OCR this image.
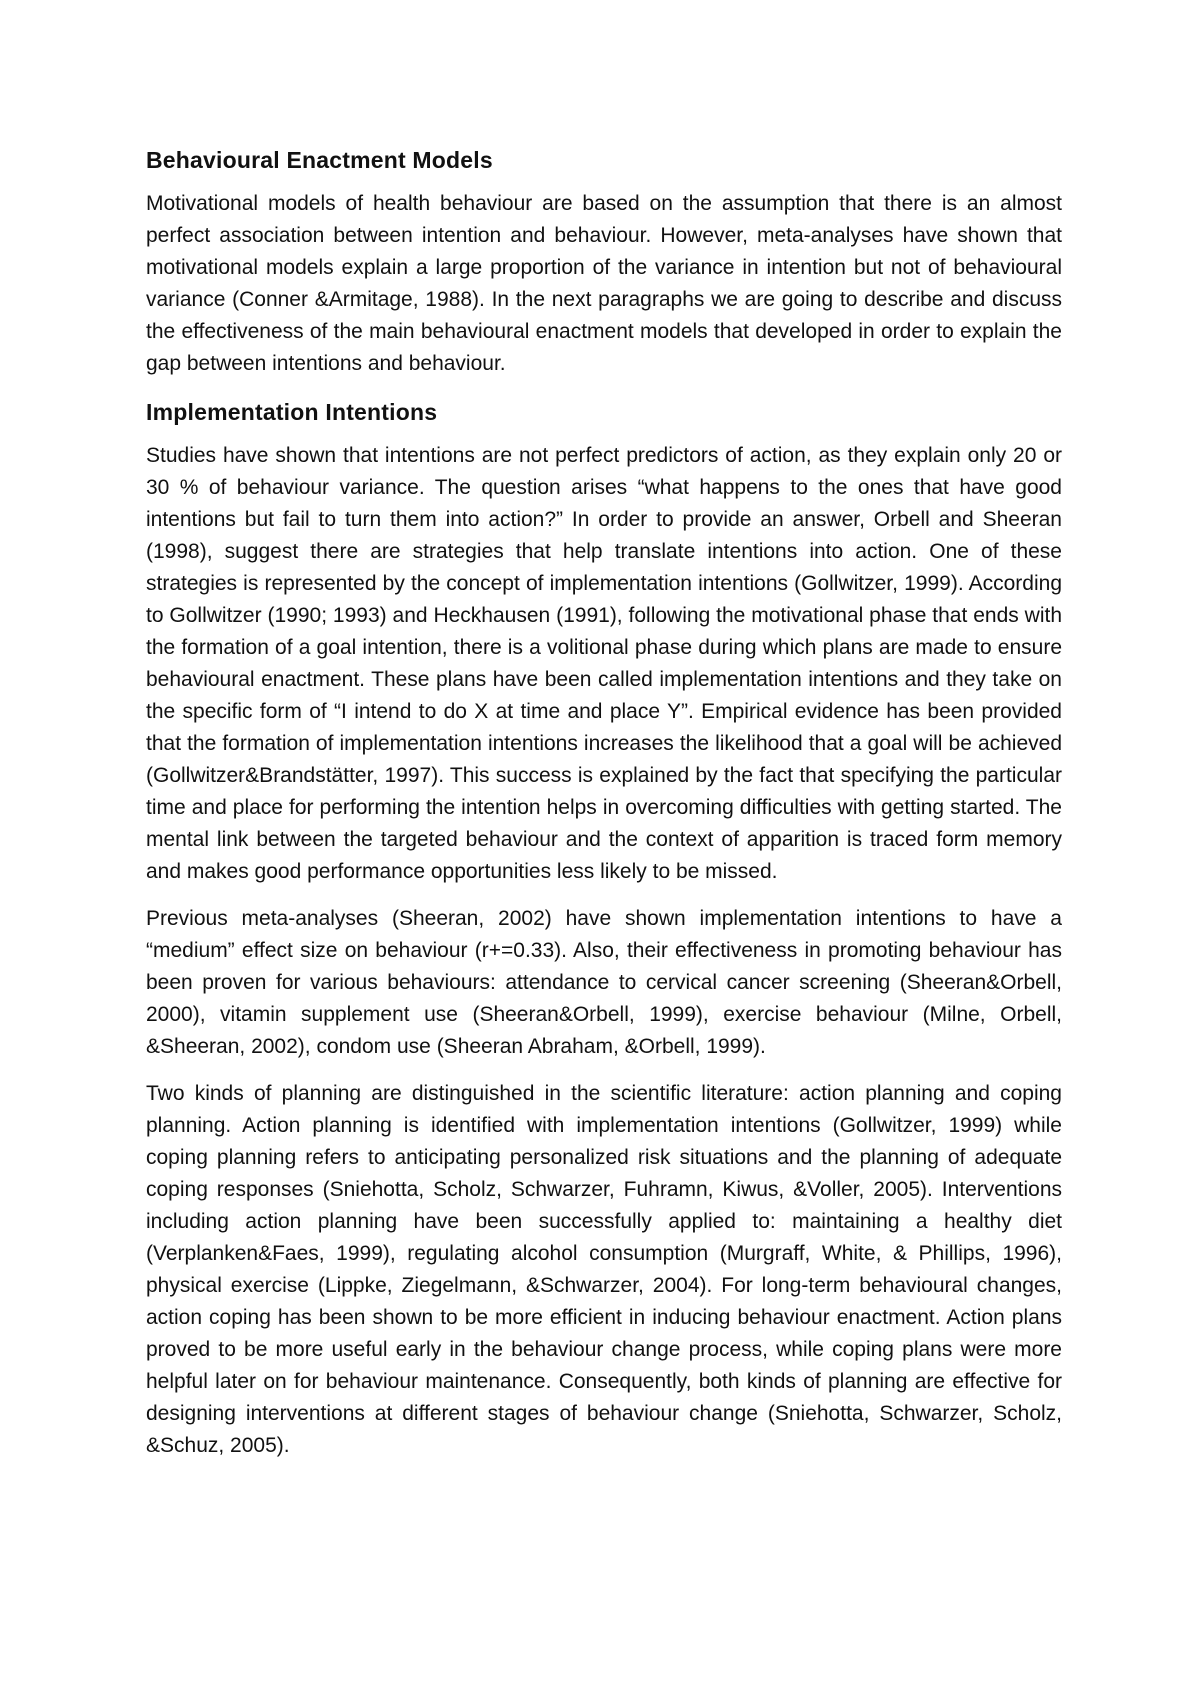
Behavioural Enactment Models

Motivational models of health behaviour are based on the assumption that there is an almost perfect association between intention and behaviour. However, meta-analyses have shown that motivational models explain a large proportion of the variance in intention but not of behavioural variance (Conner &Armitage, 1988). In the next paragraphs we are going to describe and discuss the effectiveness of the main behavioural enactment models that developed in order to explain the gap between intentions and behaviour.

Implementation Intentions

Studies have shown that intentions are not perfect predictors of action, as they explain only 20 or 30 % of behaviour variance. The question arises “what happens to the ones that have good intentions but fail to turn them into action?” In order to provide an answer, Orbell and Sheeran (1998), suggest there are strategies that help translate intentions into action. One of these strategies is represented by the concept of implementation intentions (Gollwitzer, 1999). According to Gollwitzer (1990; 1993) and Heckhausen (1991), following the motivational phase that ends with the formation of a goal intention, there is a volitional phase during which plans are made to ensure behavioural enactment. These plans have been called implementation intentions and they take on the specific form of “I intend to do X at time and place Y”. Empirical evidence has been provided that the formation of implementation intentions increases the likelihood that a goal will be achieved (Gollwitzer&Brandstätter, 1997). This success is explained by the fact that specifying the particular time and place for performing the intention helps in overcoming difficulties with getting started. The mental link between the targeted behaviour and the context of apparition is traced form memory and makes good performance opportunities less likely to be missed.

Previous meta-analyses (Sheeran, 2002) have shown implementation intentions to have a “medium” effect size on behaviour (r+=0.33). Also, their effectiveness in promoting behaviour has been proven for various behaviours: attendance to cervical cancer screening (Sheeran&Orbell, 2000), vitamin supplement use (Sheeran&Orbell, 1999), exercise behaviour (Milne, Orbell, &Sheeran, 2002), condom use (Sheeran Abraham, &Orbell, 1999).

Two kinds of planning are distinguished in the scientific literature: action planning and coping planning. Action planning is identified with implementation intentions (Gollwitzer, 1999) while coping planning refers to anticipating personalized risk situations and the planning of adequate coping responses (Sniehotta, Scholz, Schwarzer, Fuhramn, Kiwus, &Voller, 2005). Interventions including action planning have been successfully applied to: maintaining a healthy diet (Verplanken&Faes, 1999), regulating alcohol consumption (Murgraff, White, & Phillips, 1996), physical exercise (Lippke, Ziegelmann, &Schwarzer, 2004). For long-term behavioural changes, action coping has been shown to be more efficient in inducing behaviour enactment. Action plans proved to be more useful early in the behaviour change process, while coping plans were more helpful later on for behaviour maintenance. Consequently, both kinds of planning are effective for designing interventions at different stages of behaviour change (Sniehotta, Schwarzer, Scholz, &Schuz, 2005).
